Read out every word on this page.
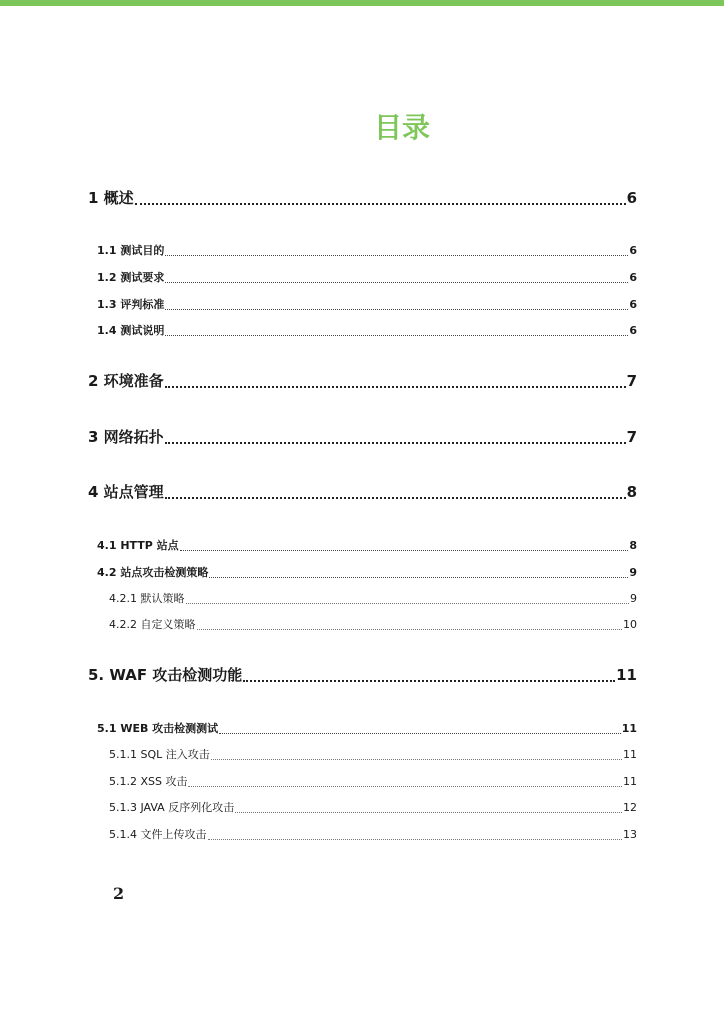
目录
1 概述	6
1.1 测试目的	6
1.2 测试要求	6
1.3 评判标准	6
1.4 测试说明	6
2 环境准备	7
3 网络拓扑	7
4 站点管理	8
4.1 HTTP 站点	8
4.2 站点攻击检测策略	9
4.2.1 默认策略	9
4.2.2 自定义策略	10
5. WAF 攻击检测功能	11
5.1 WEB 攻击检测测试	11
5.1.1 SQL 注入攻击	11
5.1.2 XSS 攻击	11
5.1.3 JAVA 反序列化攻击	12
5.1.4 文件上传攻击	13
2
